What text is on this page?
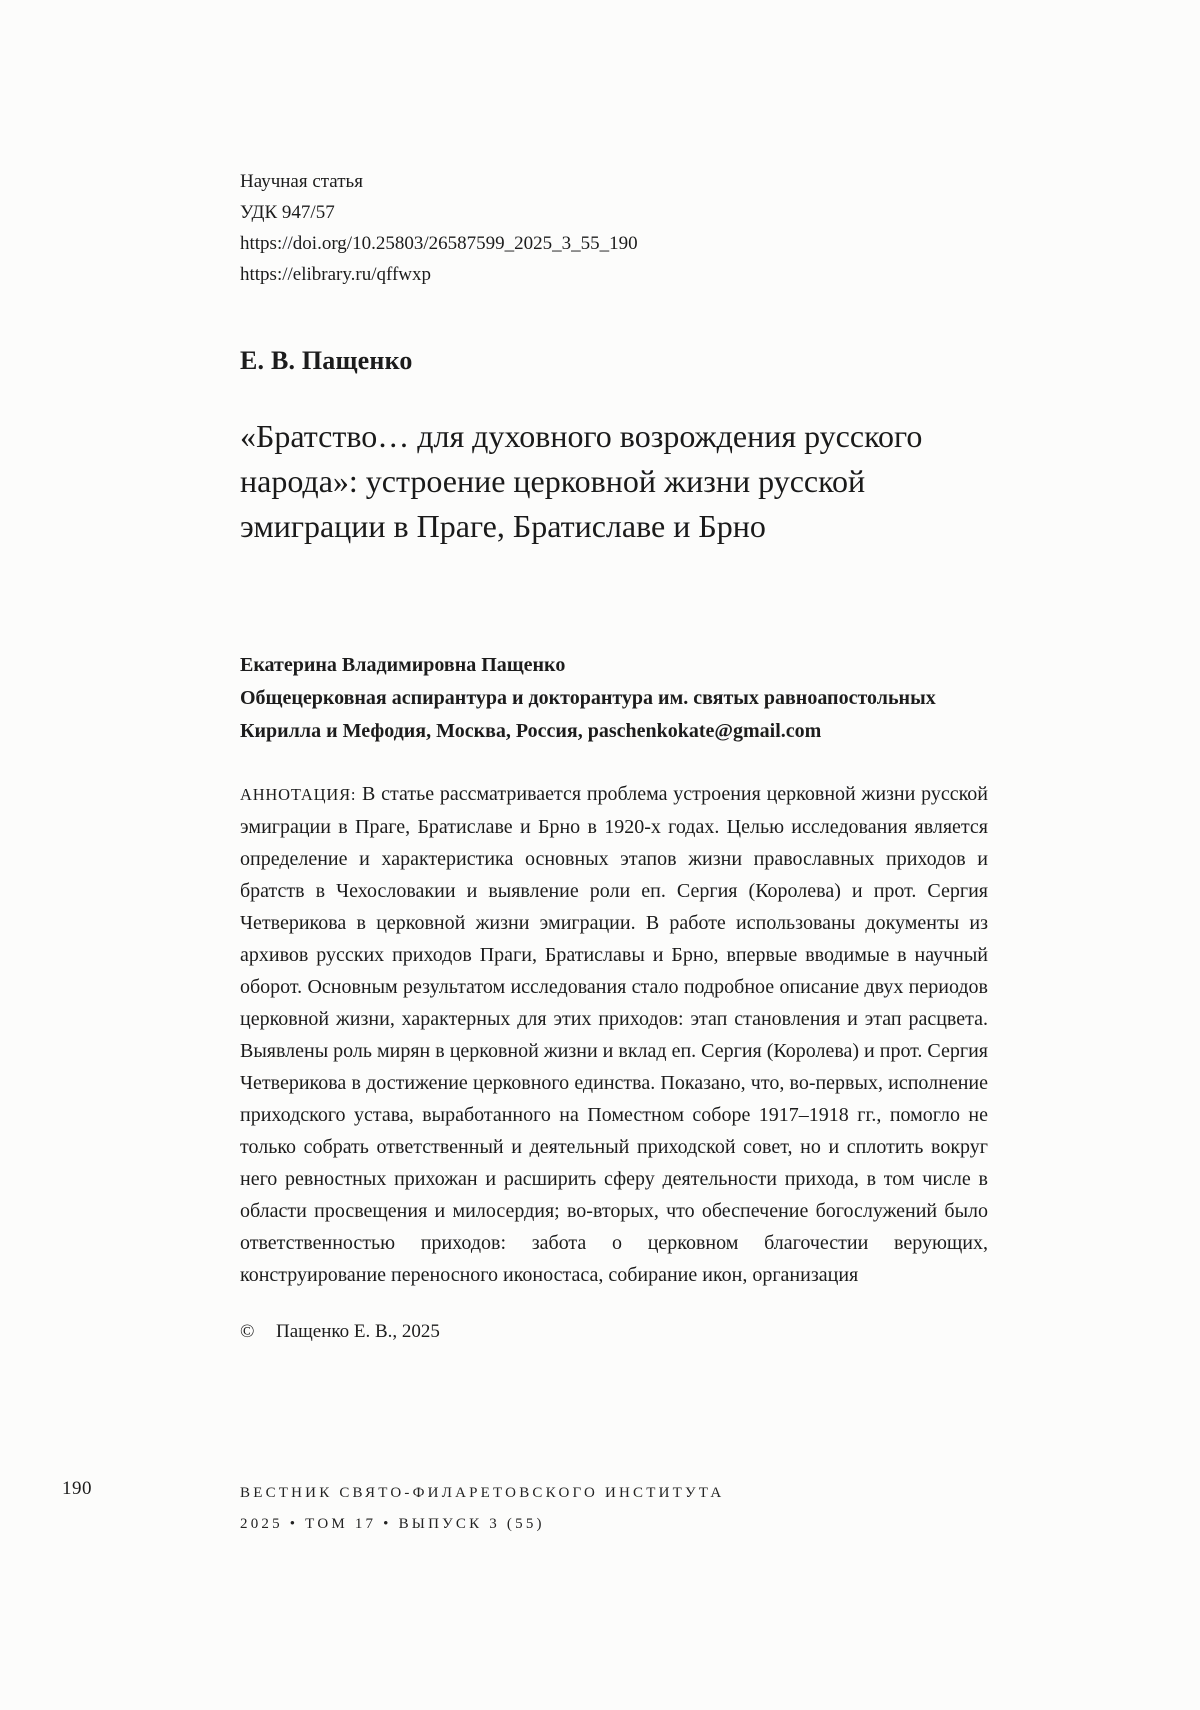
Научная статья
УДК 947/57
https://doi.org/10.25803/26587599_2025_3_55_190
https://elibrary.ru/qffwxp
Е. В. Пащенко
«Братство… для духовного возрождения русского народа»: устроение церковной жизни русской эмиграции в Праге, Братиславе и Брно

Екатерина Владимировна Пащенко

Общецерковная аспирантура и докторантура им. святых равноапостольных Кирилла и Мефодия, Москва, Россия, paschenkokate@gmail.com

АННОТАЦИЯ: В статье рассматривается проблема устроения церковной жизни русской эмиграции в Праге, Братиславе и Брно в 1920-х годах. Целью исследования является определение и характеристика основных этапов жизни православных приходов и братств в Чехословакии и выявление роли еп. Сергия (Королева) и прот. Сергия Четверикова в церковной жизни эмиграции. В работе использованы документы из архивов русских приходов Праги, Братиславы и Брно, впервые вводимые в научный оборот. Основным результатом исследования стало подробное описание двух периодов церковной жизни, характерных для этих приходов: этап становления и этап расцвета. Выявлены роль мирян в церковной жизни и вклад еп. Сергия (Королева) и прот. Сергия Четверикова в достижение церковного единства. Показано, что, во-первых, исполнение приходского устава, выработанного на Поместном соборе 1917–1918 гг., помогло не только собрать ответственный и деятельный приходской совет, но и сплотить вокруг него ревностных прихожан и расширить сферу деятельности прихода, в том числе в области просвещения и милосердия; во-вторых, что обеспечение богослужений было ответственностью приходов: забота о церковном благочестии верующих, конструирование переносного иконостаса, собирание икон, организация

© Пащенко Е. В., 2025

190	ВЕСТНИК СВЯТО-ФИЛАРЕТОВСКОГО ИНСТИТУТА
2025 • ТОМ 17 • ВЫПУСК 3 (55)
